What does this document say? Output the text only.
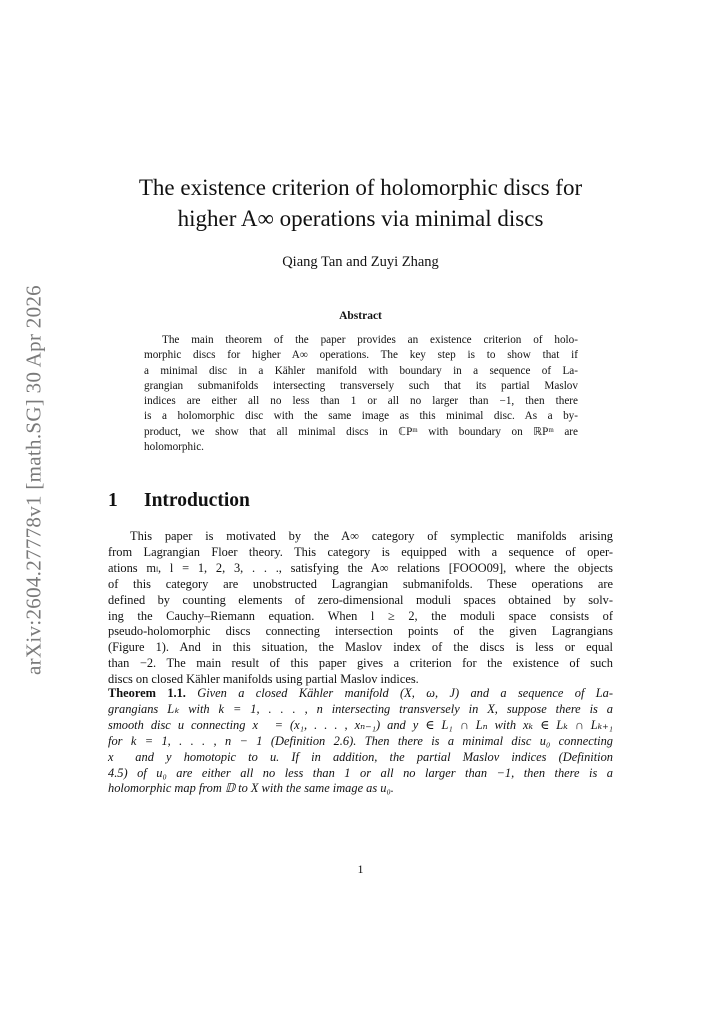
arXiv:2604.27778v1 [math.SG] 30 Apr 2026
The existence criterion of holomorphic discs for
higher A∞ operations via minimal discs
Qiang Tan and Zuyi Zhang
Abstract
The main theorem of the paper provides an existence criterion of holo-
morphic discs for higher A∞ operations. The key step is to show that if
a minimal disc in a Kähler manifold with boundary in a sequence of La-
grangian submanifolds intersecting transversely such that its partial Maslov
indices are either all no less than 1 or all no larger than −1, then there
is a holomorphic disc with the same image as this minimal disc. As a by-
product, we show that all minimal discs in ℂPᵐ with boundary on ℝPᵐ are
holomorphic.
1 Introduction
This paper is motivated by the A∞ category of symplectic manifolds arising
from Lagrangian Floer theory. This category is equipped with a sequence of oper-
ations mₗ, l = 1, 2, 3, . . ., satisfying the A∞ relations [FOOO09], where the objects
of this category are unobstructed Lagrangian submanifolds. These operations are
defined by counting elements of zero-dimensional moduli spaces obtained by solv-
ing the Cauchy–Riemann equation. When l ≥ 2, the moduli space consists of
pseudo-holomorphic discs connecting intersection points of the given Lagrangians
(Figure 1). And in this situation, the Maslov index of the discs is less or equal
than −2. The main result of this paper gives a criterion for the existence of such
discs on closed Kähler manifolds using partial Maslov indices.
Theorem 1.1. Given a closed Kähler manifold (X, ω, J) and a sequence of La-
grangians Lₖ with k = 1, . . . , n intersecting transversely in X, suppose there is a
smooth disc u connecting x⃗ = (x₁, . . . , xₙ₋₁) and y ∈ L₁ ∩ Lₙ with xₖ ∈ Lₖ ∩ Lₖ₊₁
for k = 1, . . . , n − 1 (Definition 2.6). Then there is a minimal disc u₀ connecting
x⃗ and y homotopic to u. If in addition, the partial Maslov indices (Definition
4.5) of u₀ are either all no less than 1 or all no larger than −1, then there is a
holomorphic map from 𝔻 to X with the same image as u₀.
1
